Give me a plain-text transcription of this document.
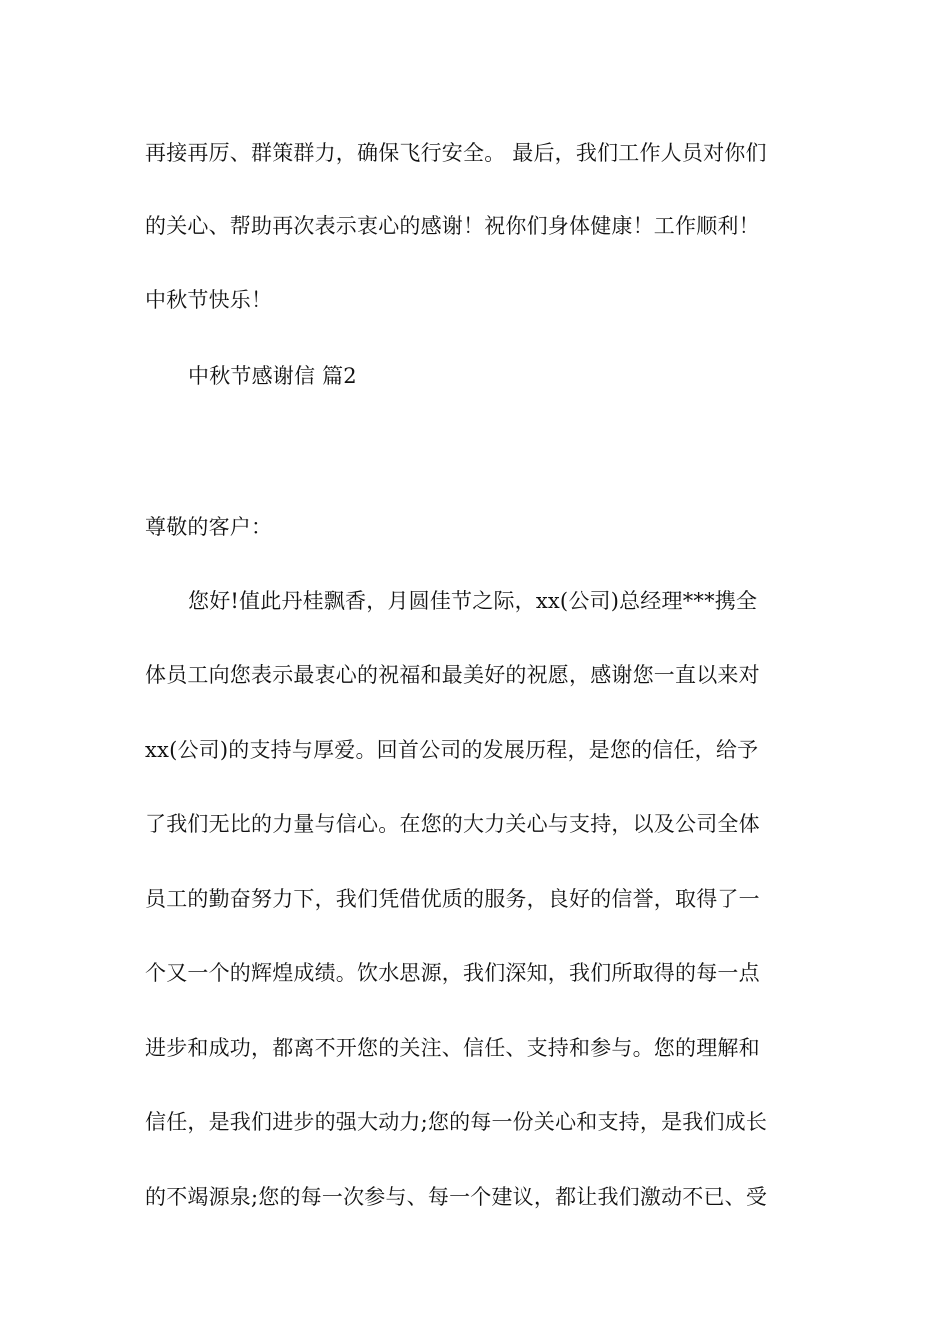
再接再厉、群策群力，确保飞行安全。 最后，我们工作人员对你们
的关心、帮助再次表示衷心的感谢！祝你们身体健康！工作顺利！
中秋节快乐！
中秋节感谢信 篇2
尊敬的客户：
您好!值此丹桂飘香，月圆佳节之际，xx(公司)总经理***携全
体员工向您表示最衷心的祝福和最美好的祝愿，感谢您一直以来对
xx(公司)的支持与厚爱。回首公司的发展历程，是您的信任，给予
了我们无比的力量与信心。在您的大力关心与支持，以及公司全体
员工的勤奋努力下，我们凭借优质的服务，良好的信誉，取得了一
个又一个的辉煌成绩。饮水思源，我们深知，我们所取得的每一点
进步和成功，都离不开您的关注、信任、支持和参与。您的理解和
信任，是我们进步的强大动力;您的每一份关心和支持，是我们成长
的不竭源泉;您的每一次参与、每一个建议，都让我们激动不已、受
